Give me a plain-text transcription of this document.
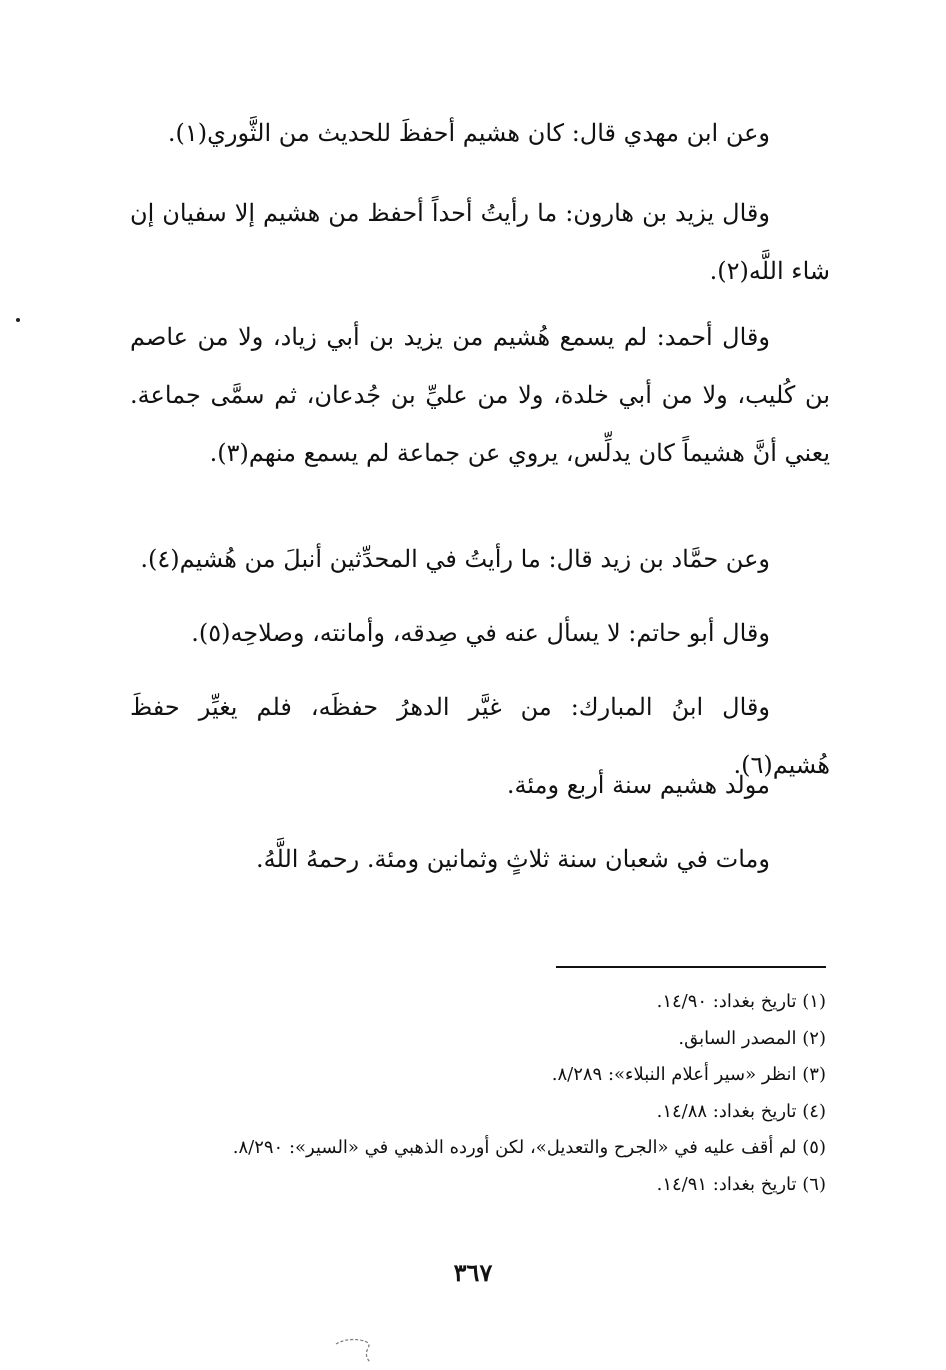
وعن ابن مهدي قال: كان هشيم أحفظَ للحديث من الثَّوري(١).

وقال يزيد بن هارون: ما رأيتُ أحداً أحفظ من هشيم إلا سفيان إن شاء اللَّه(٢).

وقال أحمد: لم يسمع هُشيم من يزيد بن أبي زياد، ولا من عاصم بن كُليب، ولا من أبي خلدة، ولا من عليِّ بن جُدعان، ثم سمَّى جماعة. يعني أنَّ هشيماً كان يدلِّس، يروي عن جماعة لم يسمع منهم(٣).

وعن حمَّاد بن زيد قال: ما رأيتُ في المحدِّثين أنبلَ من هُشيم(٤).

وقال أبو حاتم: لا يسأل عنه في صِدقه، وأمانته، وصلاحِه(٥).

وقال ابنُ المبارك: من غيَّر الدهرُ حفظَه، فلم يغيِّر حفظَ هُشيم(٦).

مولد هشيم سنة أربع ومئة.

ومات في شعبان سنة ثلاثٍ وثمانين ومئة. رحمهُ اللَّهُ.

(١) تاريخ بغداد: ١٤/٩٠.
(٢) المصدر السابق.
(٣) انظر «سير أعلام النبلاء»: ٨/٢٨٩.
(٤) تاريخ بغداد: ١٤/٨٨.
(٥) لم أقف عليه في «الجرح والتعديل»، لكن أورده الذهبي في «السير»: ٨/٢٩٠.
(٦) تاريخ بغداد: ١٤/٩١.
٣٦٧
